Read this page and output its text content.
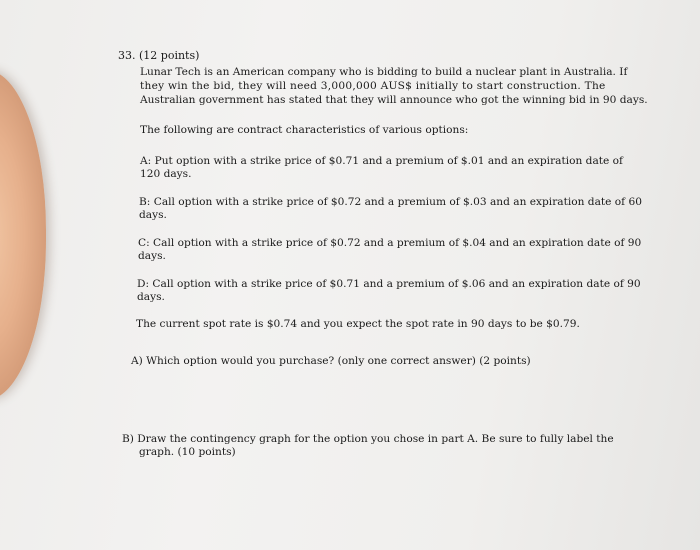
33. (12 points)
Lunar Tech is an American company who is bidding to build a nuclear plant in Australia. If
they win the bid, they will need 3,000,000 AUS$ initially to start construction. The
Australian government has stated that they will announce who got the winning bid in 90 days.
The following are contract characteristics of various options:
A: Put option with a strike price of $0.71 and a premium of $.01 and an expiration date of
120 days.
B: Call option with a strike price of $0.72 and a premium of $.03 and an expiration date of 60
days.
C: Call option with a strike price of $0.72 and a premium of $.04 and an expiration date of 90
days.
D: Call option with a strike price of $0.71 and a premium of $.06 and an expiration date of 90
days.
The current spot rate is $0.74 and you expect the spot rate in 90 days to be $0.79.
A) Which option would you purchase? (only one correct answer) (2 points)
B) Draw the contingency graph for the option you chose in part A. Be sure to fully label the
graph. (10 points)
